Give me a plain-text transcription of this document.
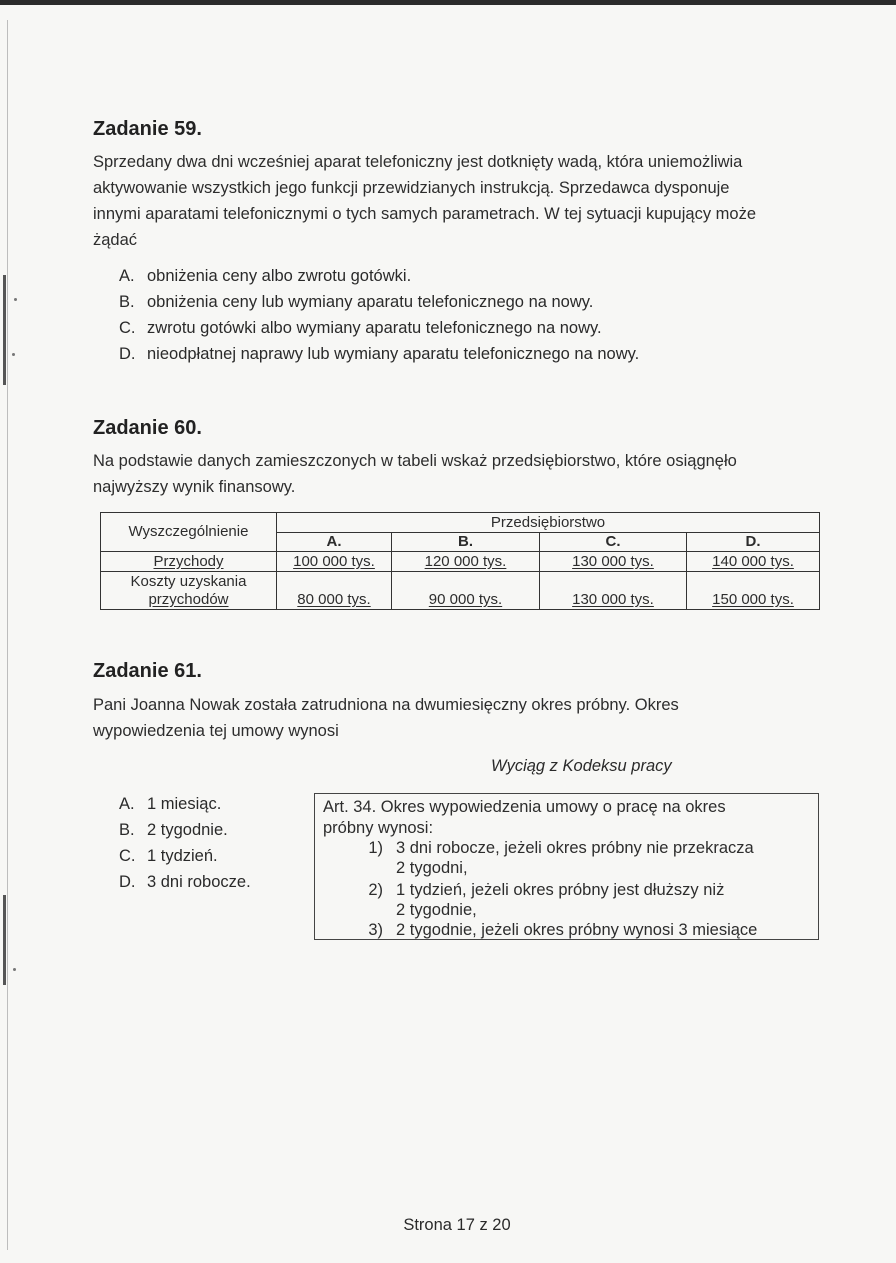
Zadanie 59.
Sprzedany dwa dni wcześniej aparat telefoniczny jest dotknięty wadą, która uniemożliwia
aktywowanie wszystkich jego funkcji przewidzianych instrukcją. Sprzedawca dysponuje
innymi aparatami telefonicznymi o tych samych parametrach. W tej sytuacji kupujący może
żądać
A. obniżenia ceny albo zwrotu gotówki.
B. obniżenia ceny lub wymiany aparatu telefonicznego na nowy.
C. zwrotu gotówki albo wymiany aparatu telefonicznego na nowy.
D. nieodpłatnej naprawy lub wymiany aparatu telefonicznego na nowy.
Zadanie 60.
Na podstawie danych zamieszczonych w tabeli wskaż przedsiębiorstwo, które osiągnęło
najwyższy wynik finansowy.
Wyszczególnienie	Przedsiębiorstwo			
	A.	B.	C.	D.
Przychody	100 000 tys.	120 000 tys.	130 000 tys.	140 000 tys.

Koszty uzyskania
przychodów	80 000 tys.	90 000 tys.	130 000 tys.	150 000 tys.
Zadanie 61.
Pani Joanna Nowak została zatrudniona na dwumiesięczny okres próbny. Okres
wypowiedzenia tej umowy wynosi
Wyciąg z Kodeksu pracy
A. 1 miesiąc.
B. 2 tygodnie.
C. 1 tydzień.
D. 3 dni robocze.
Art. 34. Okres wypowiedzenia umowy o pracę na okres
próbny wynosi:
1) 3 dni robocze, jeżeli okres próbny nie przekracza
2 tygodni,
2) 1 tydzień, jeżeli okres próbny jest dłuższy niż
2 tygodnie,
3) 2 tygodnie, jeżeli okres próbny wynosi 3 miesiące
Strona 17 z 20
